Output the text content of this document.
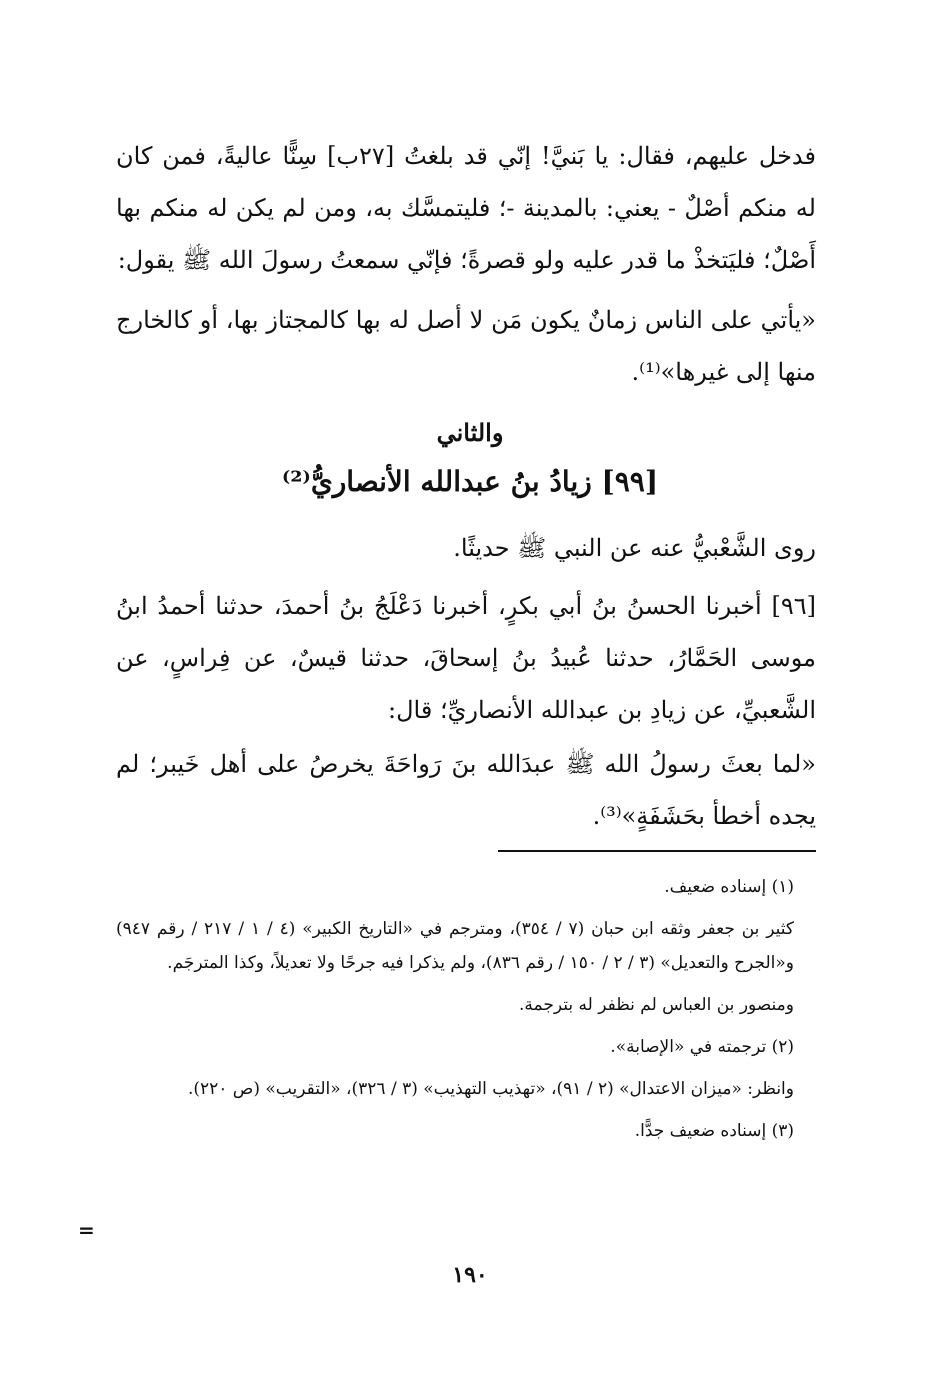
فدخل عليهم، فقال: يا بَنيَّ! إنّي قد بلغتُ [٢٧ب] سِنًّا عاليةً، فمن كان له منكم أصْلٌ - يعني: بالمدينة -؛ فليتمسَّك به، ومن لم يكن له منكم بها أَصْلٌ؛ فليَتخذْ ما قدر عليه ولو قصرةً؛ فإنّي سمعتُ رسولَ الله ﷺ يقول:

«يأتي على الناس زمانٌ يكون مَن لا أصل له بها كالمجتاز بها، أو كالخارج منها إلى غيرها»⁽¹⁾.

والثاني
[٩٩] زيادُ بنُ عبدالله الأنصاريُّ⁽²⁾

روى الشَّعْبيُّ عنه عن النبي ﷺ حديثًا.

[٩٦] أخبرنا الحسنُ بنُ أبي بكرٍ، أخبرنا دَعْلَجُ بنُ أحمدَ، حدثنا أحمدُ ابنُ موسى الحَمَّارُ، حدثنا عُبيدُ بنُ إسحاقَ، حدثنا قيسٌ، عن فِراسٍ، عن الشَّعبيِّ، عن زيادِ بن عبدالله الأنصاريِّ؛ قال:

«لما بعثَ رسولُ الله ﷺ عبدَالله بنَ رَواحَةَ يخرصُ على أهل خَيبر؛ لم يجده أخطأ بحَشَفَةٍ»⁽³⁾.

(١) إسناده ضعيف.

كثير بن جعفر وثقه ابن حبان (٧ / ٣٥٤)، ومترجم في «التاريخ الكبير» (٤ / ١ / ٢١٧ / رقم ٩٤٧) و«الجرح والتعديل» (٣ / ٢ / ١٥٠ / رقم ٨٣٦)، ولم يذكرا فيه جرحًا ولا تعديلاً، وكذا المترجَم.

ومنصور بن العباس لم نظفر له بترجمة.

(٢) ترجمته في «الإصابة».

وانظر: «ميزان الاعتدال» (٢ / ٩١)، «تهذيب التهذيب» (٣ / ٣٢٦)، «التقريب» (ص ٢٢٠).

(٣) إسناده ضعيف جدًّا.

=
١٩٠
